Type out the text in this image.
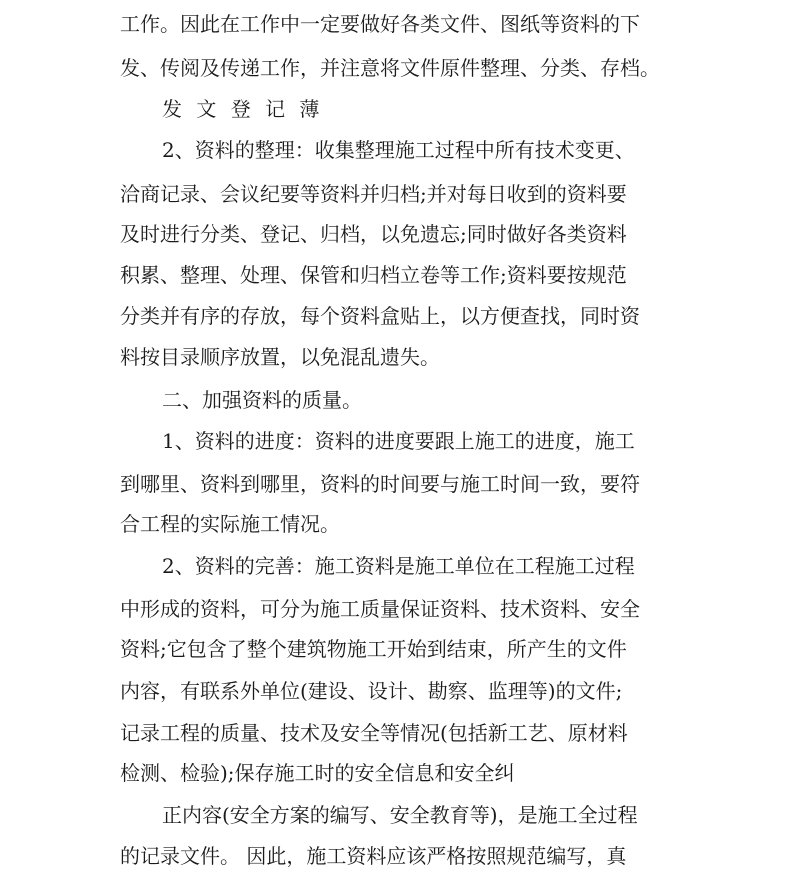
工作。因此在工作中一定要做好各类文件、图纸等资料的下
发、传阅及传递工作，并注意将文件原件整理、分类、存档。
发 文 登 记 薄
2、资料的整理：收集整理施工过程中所有技术变更、
洽商记录、会议纪要等资料并归档;并对每日收到的资料要
及时进行分类、登记、归档，以免遗忘;同时做好各类资料
积累、整理、处理、保管和归档立卷等工作;资料要按规范
分类并有序的存放，每个资料盒贴上，以方便查找，同时资
料按目录顺序放置，以免混乱遗失。
二、加强资料的质量。
1、资料的进度：资料的进度要跟上施工的进度，施工
到哪里、资料到哪里，资料的时间要与施工时间一致，要符
合工程的实际施工情况。
2、资料的完善：施工资料是施工单位在工程施工过程
中形成的资料，可分为施工质量保证资料、技术资料、安全
资料;它包含了整个建筑物施工开始到结束，所产生的文件
内容，有联系外单位(建设、设计、勘察、监理等)的文件;
记录工程的质量、技术及安全等情况(包括新工艺、原材料
检测、检验);保存施工时的安全信息和安全纠
正内容(安全方案的编写、安全教育等)，是施工全过程
的记录文件。 因此，施工资料应该严格按照规范编写，真
